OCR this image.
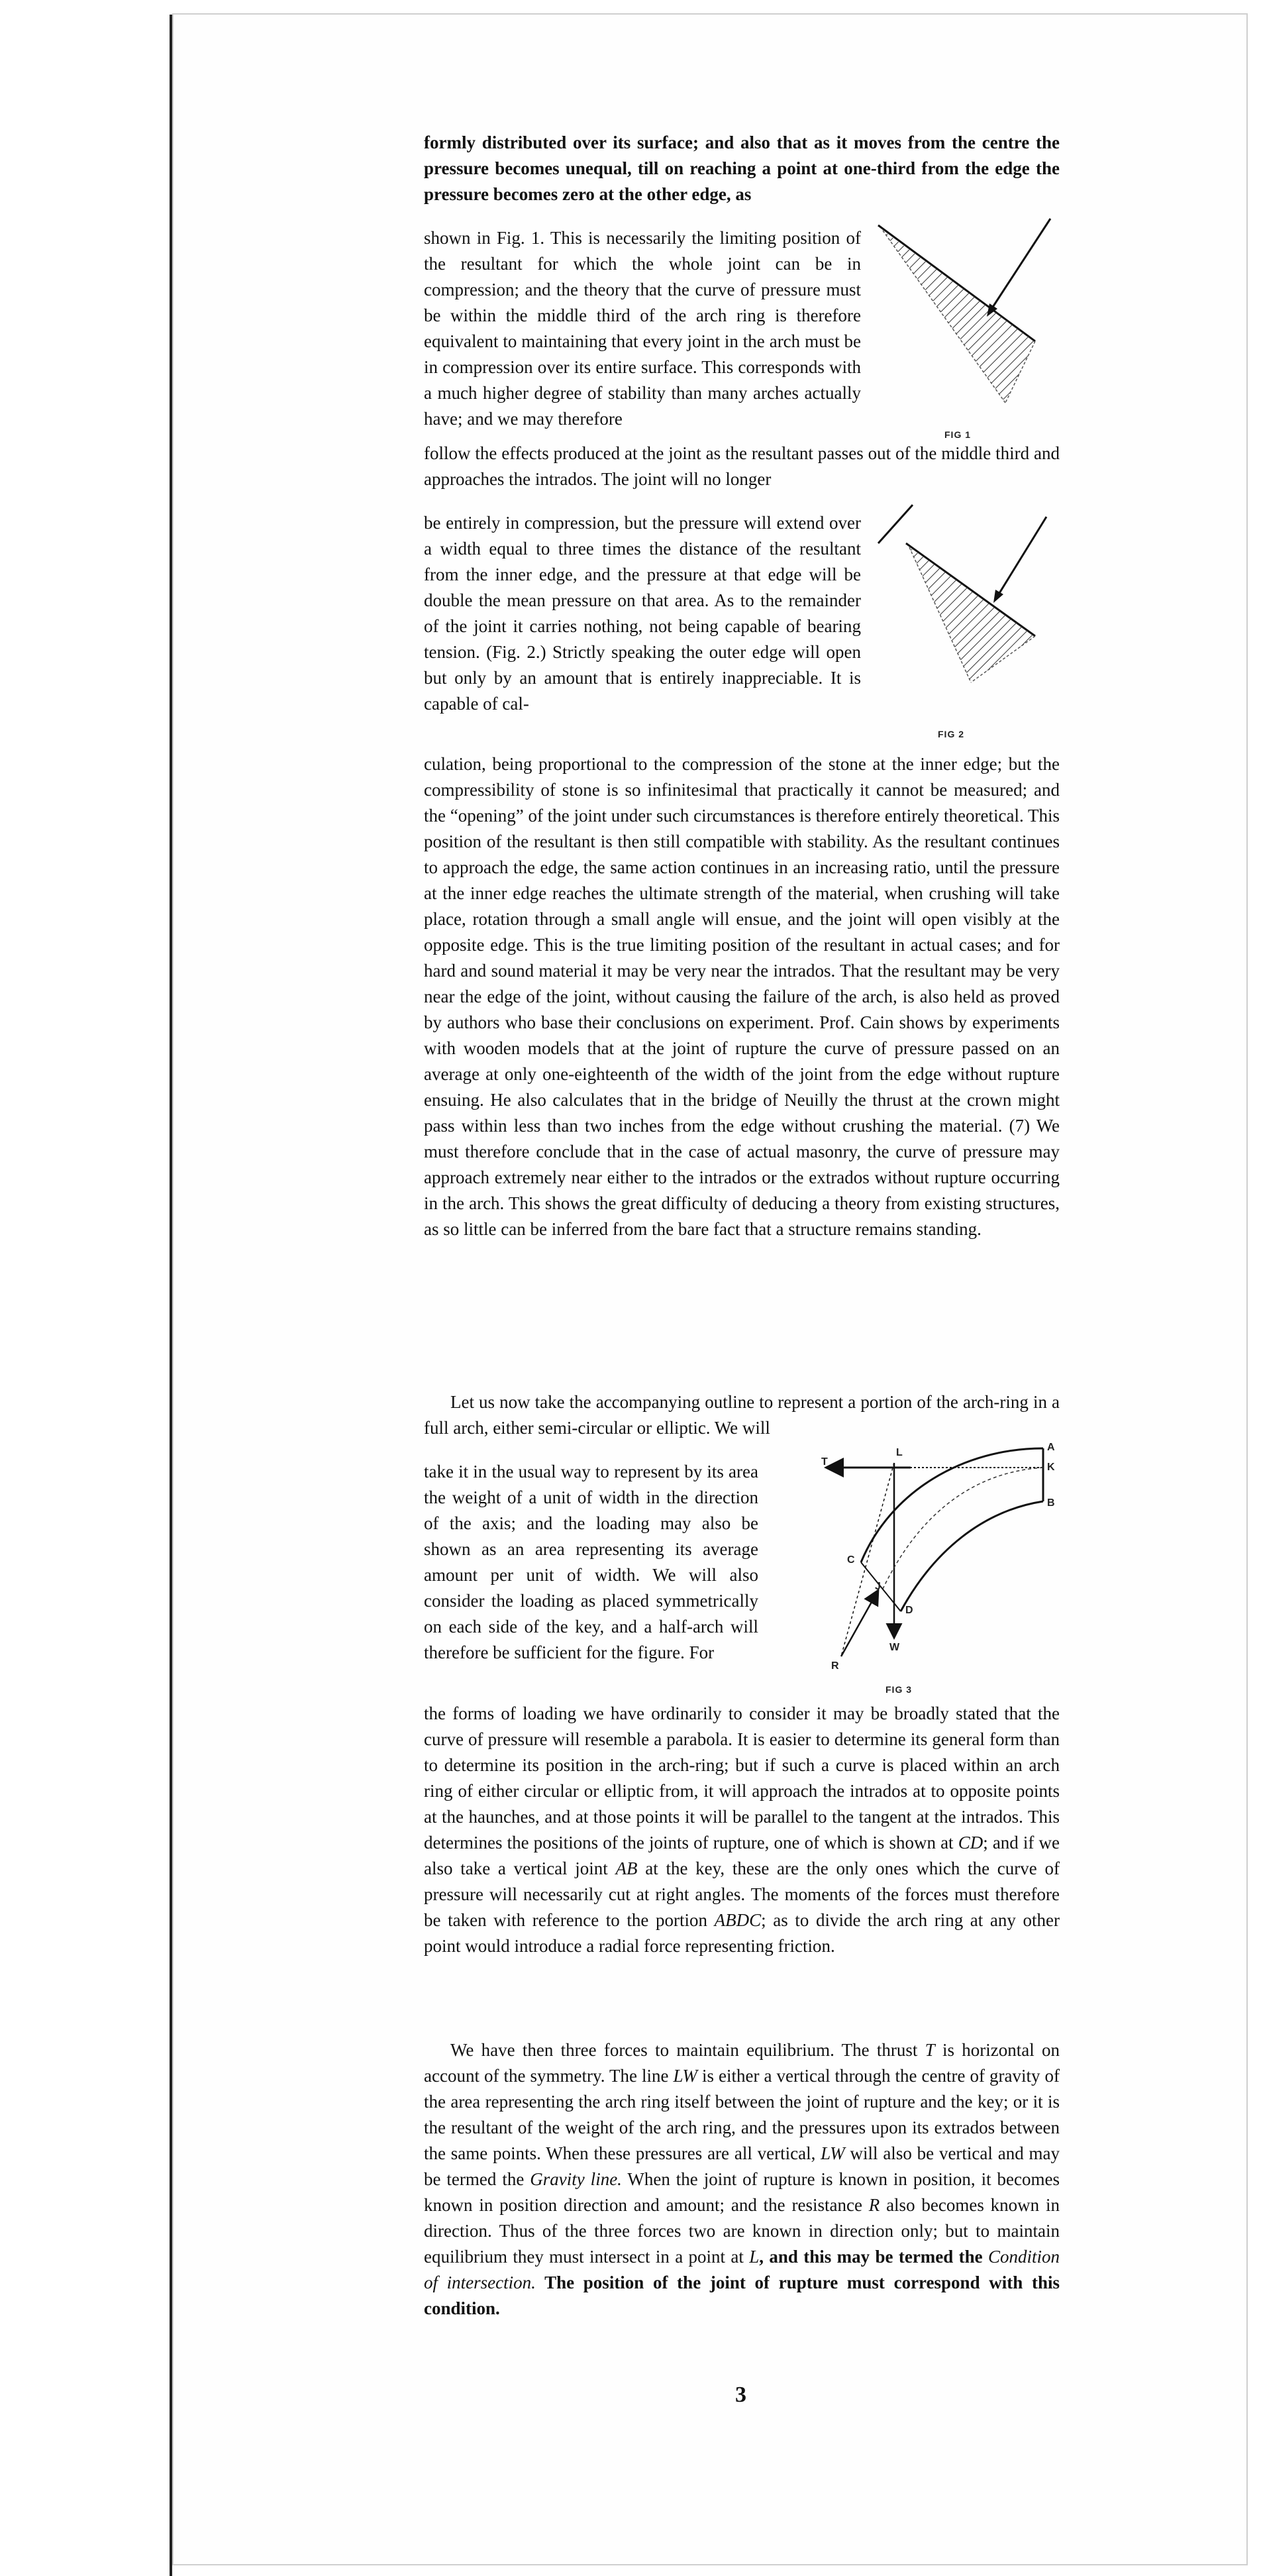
formly distributed over its surface; and also that as it moves from the centre the pressure becomes unequal, till on reaching a point at one-third from the edge the pressure becomes zero at the other edge, as

shown in Fig. 1. This is necessarily the limiting position of the resultant for which the whole joint can be in compression; and the theory that the curve of pressure must be within the middle third of the arch ring is therefore equivalent to maintaining that every joint in the arch must be in compression over its entire surface. This corresponds with a much higher degree of stability than many arches actually have; and we may therefore

FIG 1

follow the effects produced at the joint as the resultant passes out of the middle third and approaches the intrados. The joint will no longer

be entirely in compression, but the pressure will extend over a width equal to three times the distance of the resultant from the inner edge, and the pressure at that edge will be double the mean pressure on that area. As to the remainder of the joint it carries nothing, not being capable of bearing tension. (Fig. 2.) Strictly speaking the outer edge will open but only by an amount that is entirely inappreciable. It is capable of cal-

FIG 2

culation, being proportional to the compression of the stone at the inner edge; but the compressibility of stone is so infinitesimal that practically it cannot be measured; and the “opening” of the joint under such circumstances is therefore entirely theoretical. This position of the resultant is then still compatible with stability. As the resultant continues to approach the edge, the same action continues in an increasing ratio, until the pressure at the inner edge reaches the ultimate strength of the material, when crushing will take place, rotation through a small angle will ensue, and the joint will open visibly at the opposite edge. This is the true limiting position of the resultant in actual cases; and for hard and sound material it may be very near the intrados. That the resultant may be very near the edge of the joint, without causing the failure of the arch, is also held as proved by authors who base their conclusions on experiment. Prof. Cain shows by experiments with wooden models that at the joint of rupture the curve of pressure passed on an average at only one-eighteenth of the width of the joint from the edge without rupture ensuing. He also calculates that in the bridge of Neuilly the thrust at the crown might pass within less than two inches from the edge without crushing the material. (7) We must therefore conclude that in the case of actual masonry, the curve of pressure may approach extremely near either to the intrados or the extrados without rupture occurring in the arch. This shows the great difficulty of deducing a theory from existing structures, as so little can be inferred from the bare fact that a structure remains standing.

Let us now take the accompanying outline to represent a portion of the arch-ring in a full arch, either semi-circular or elliptic. We will

take it in the usual way to represent by its area the weight of a unit of width in the direction of the axis; and the loading may also be shown as an area representing its average amount per unit of width. We will also consider the loading as placed symmetrically on each side of the key, and a half-arch will therefore be sufficient for the figure. For

T
L	A
K
B
C
J
D
W
R
FIG 3

the forms of loading we have ordinarily to consider it may be broadly stated that the curve of pressure will resemble a parabola. It is easier to determine its general form than to determine its position in the arch-ring; but if such a curve is placed within an arch ring of either circular or elliptic from, it will approach the intrados at to opposite points at the haunches, and at those points it will be parallel to the tangent at the intrados. This determines the positions of the joints of rupture, one of which is shown at CD; and if we also take a vertical joint AB at the key, these are the only ones which the curve of pressure will necessarily cut at right angles. The moments of the forces must therefore be taken with reference to the portion ABDC; as to divide the arch ring at any other point would introduce a radial force representing friction.

We have then three forces to maintain equilibrium. The thrust T is horizontal on account of the symmetry. The line LW is either a vertical through the centre of gravity of the area representing the arch ring itself between the joint of rupture and the key; or it is the resultant of the weight of the arch ring, and the pressures upon its extrados between the same points. When these pressures are all vertical, LW will also be vertical and may be termed the Gravity line. When the joint of rupture is known in position, it becomes known in position direction and amount; and the resistance R also becomes known in direction. Thus of the three forces two are known in direction only; but to maintain equilibrium they must intersect in a point at L, and this may be termed the Condition of intersection. The position of the joint of rupture must correspond with this condition.

3
